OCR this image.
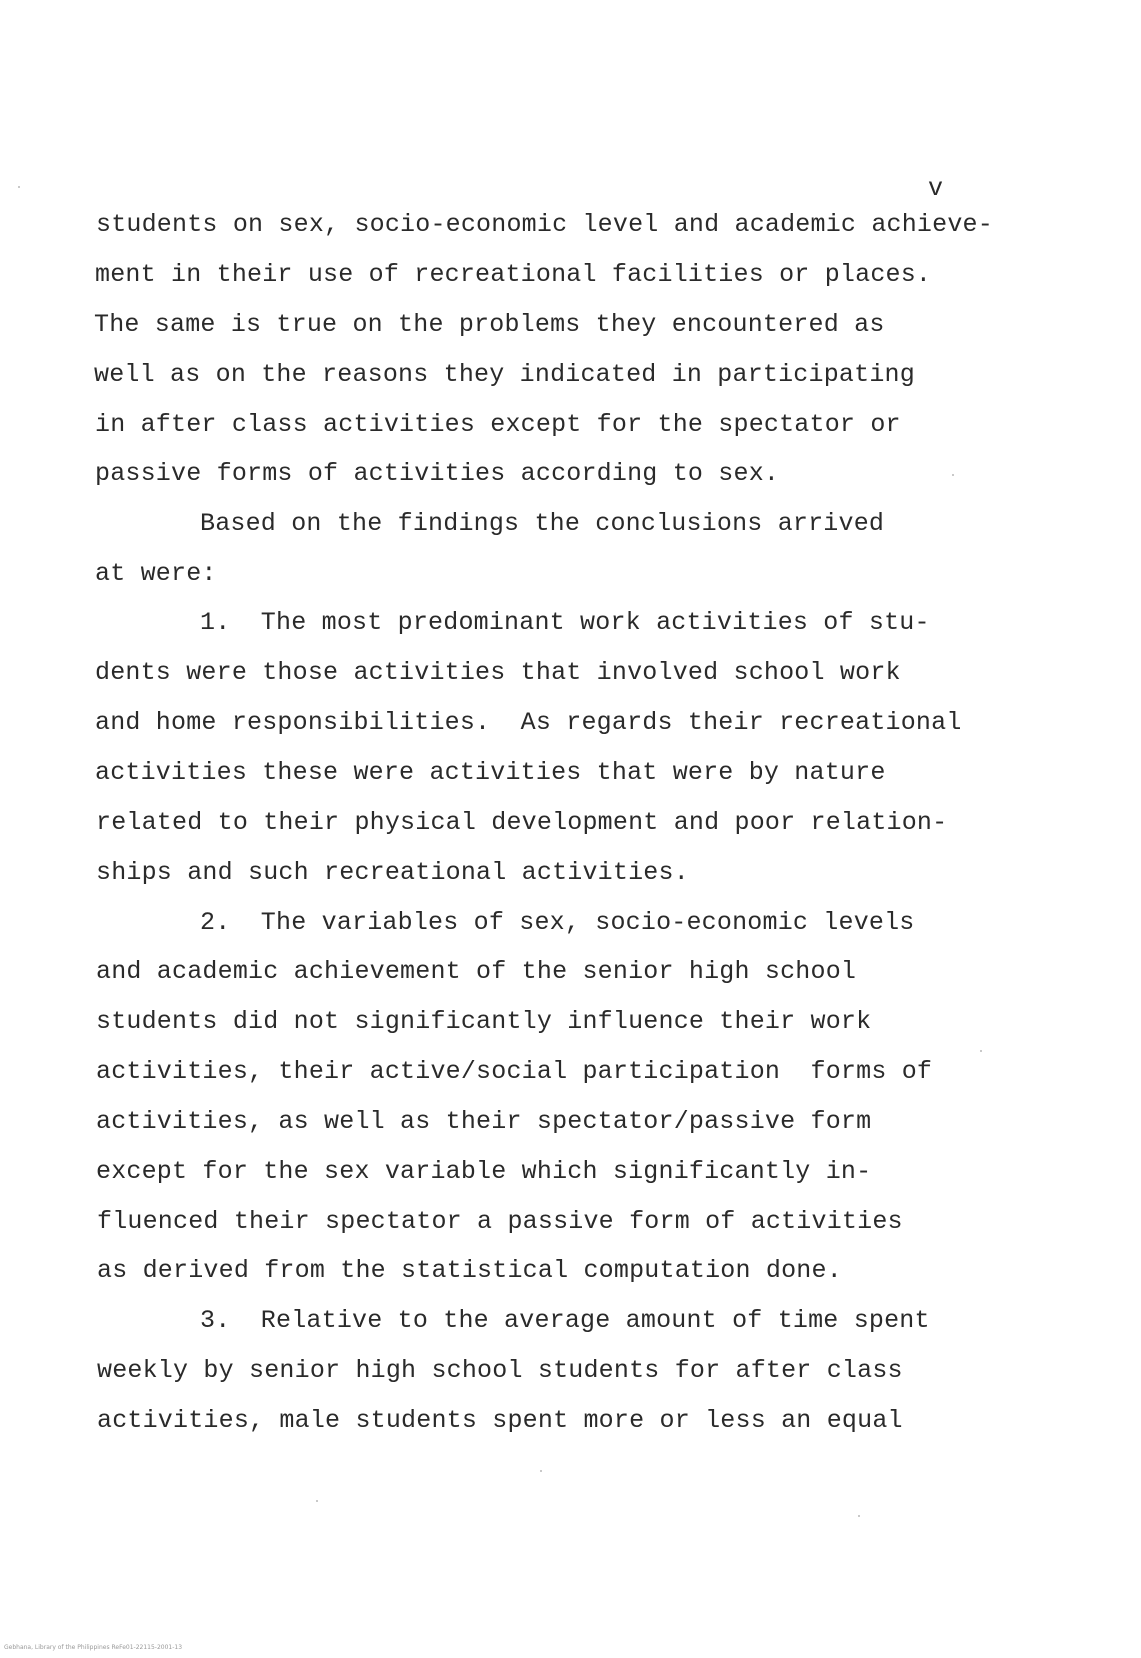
v
students on sex, socio-economic level and academic achieve-
ment in their use of recreational facilities or places.
The same is true on the problems they encountered as
well as on the reasons they indicated in participating
in after class activities except for the spectator or
passive forms of activities according to sex.
Based on the findings the conclusions arrived
at were:
1.  The most predominant work activities of stu-
dents were those activities that involved school work
and home responsibilities.  As regards their recreational
activities these were activities that were by nature
related to their physical development and poor relation-
ships and such recreational activities.
2.  The variables of sex, socio-economic levels
and academic achievement of the senior high school
students did not significantly influence their work
activities, their active/social participation  forms of
activities, as well as their spectator/passive form
except for the sex variable which significantly in-
fluenced their spectator a passive form of activities
as derived from the statistical computation done.
3.  Relative to the average amount of time spent
weekly by senior high school students for after class
activities, male students spent more or less an equal
Gebhana, Library of the Philippines ReFe01-22115-2001-13
